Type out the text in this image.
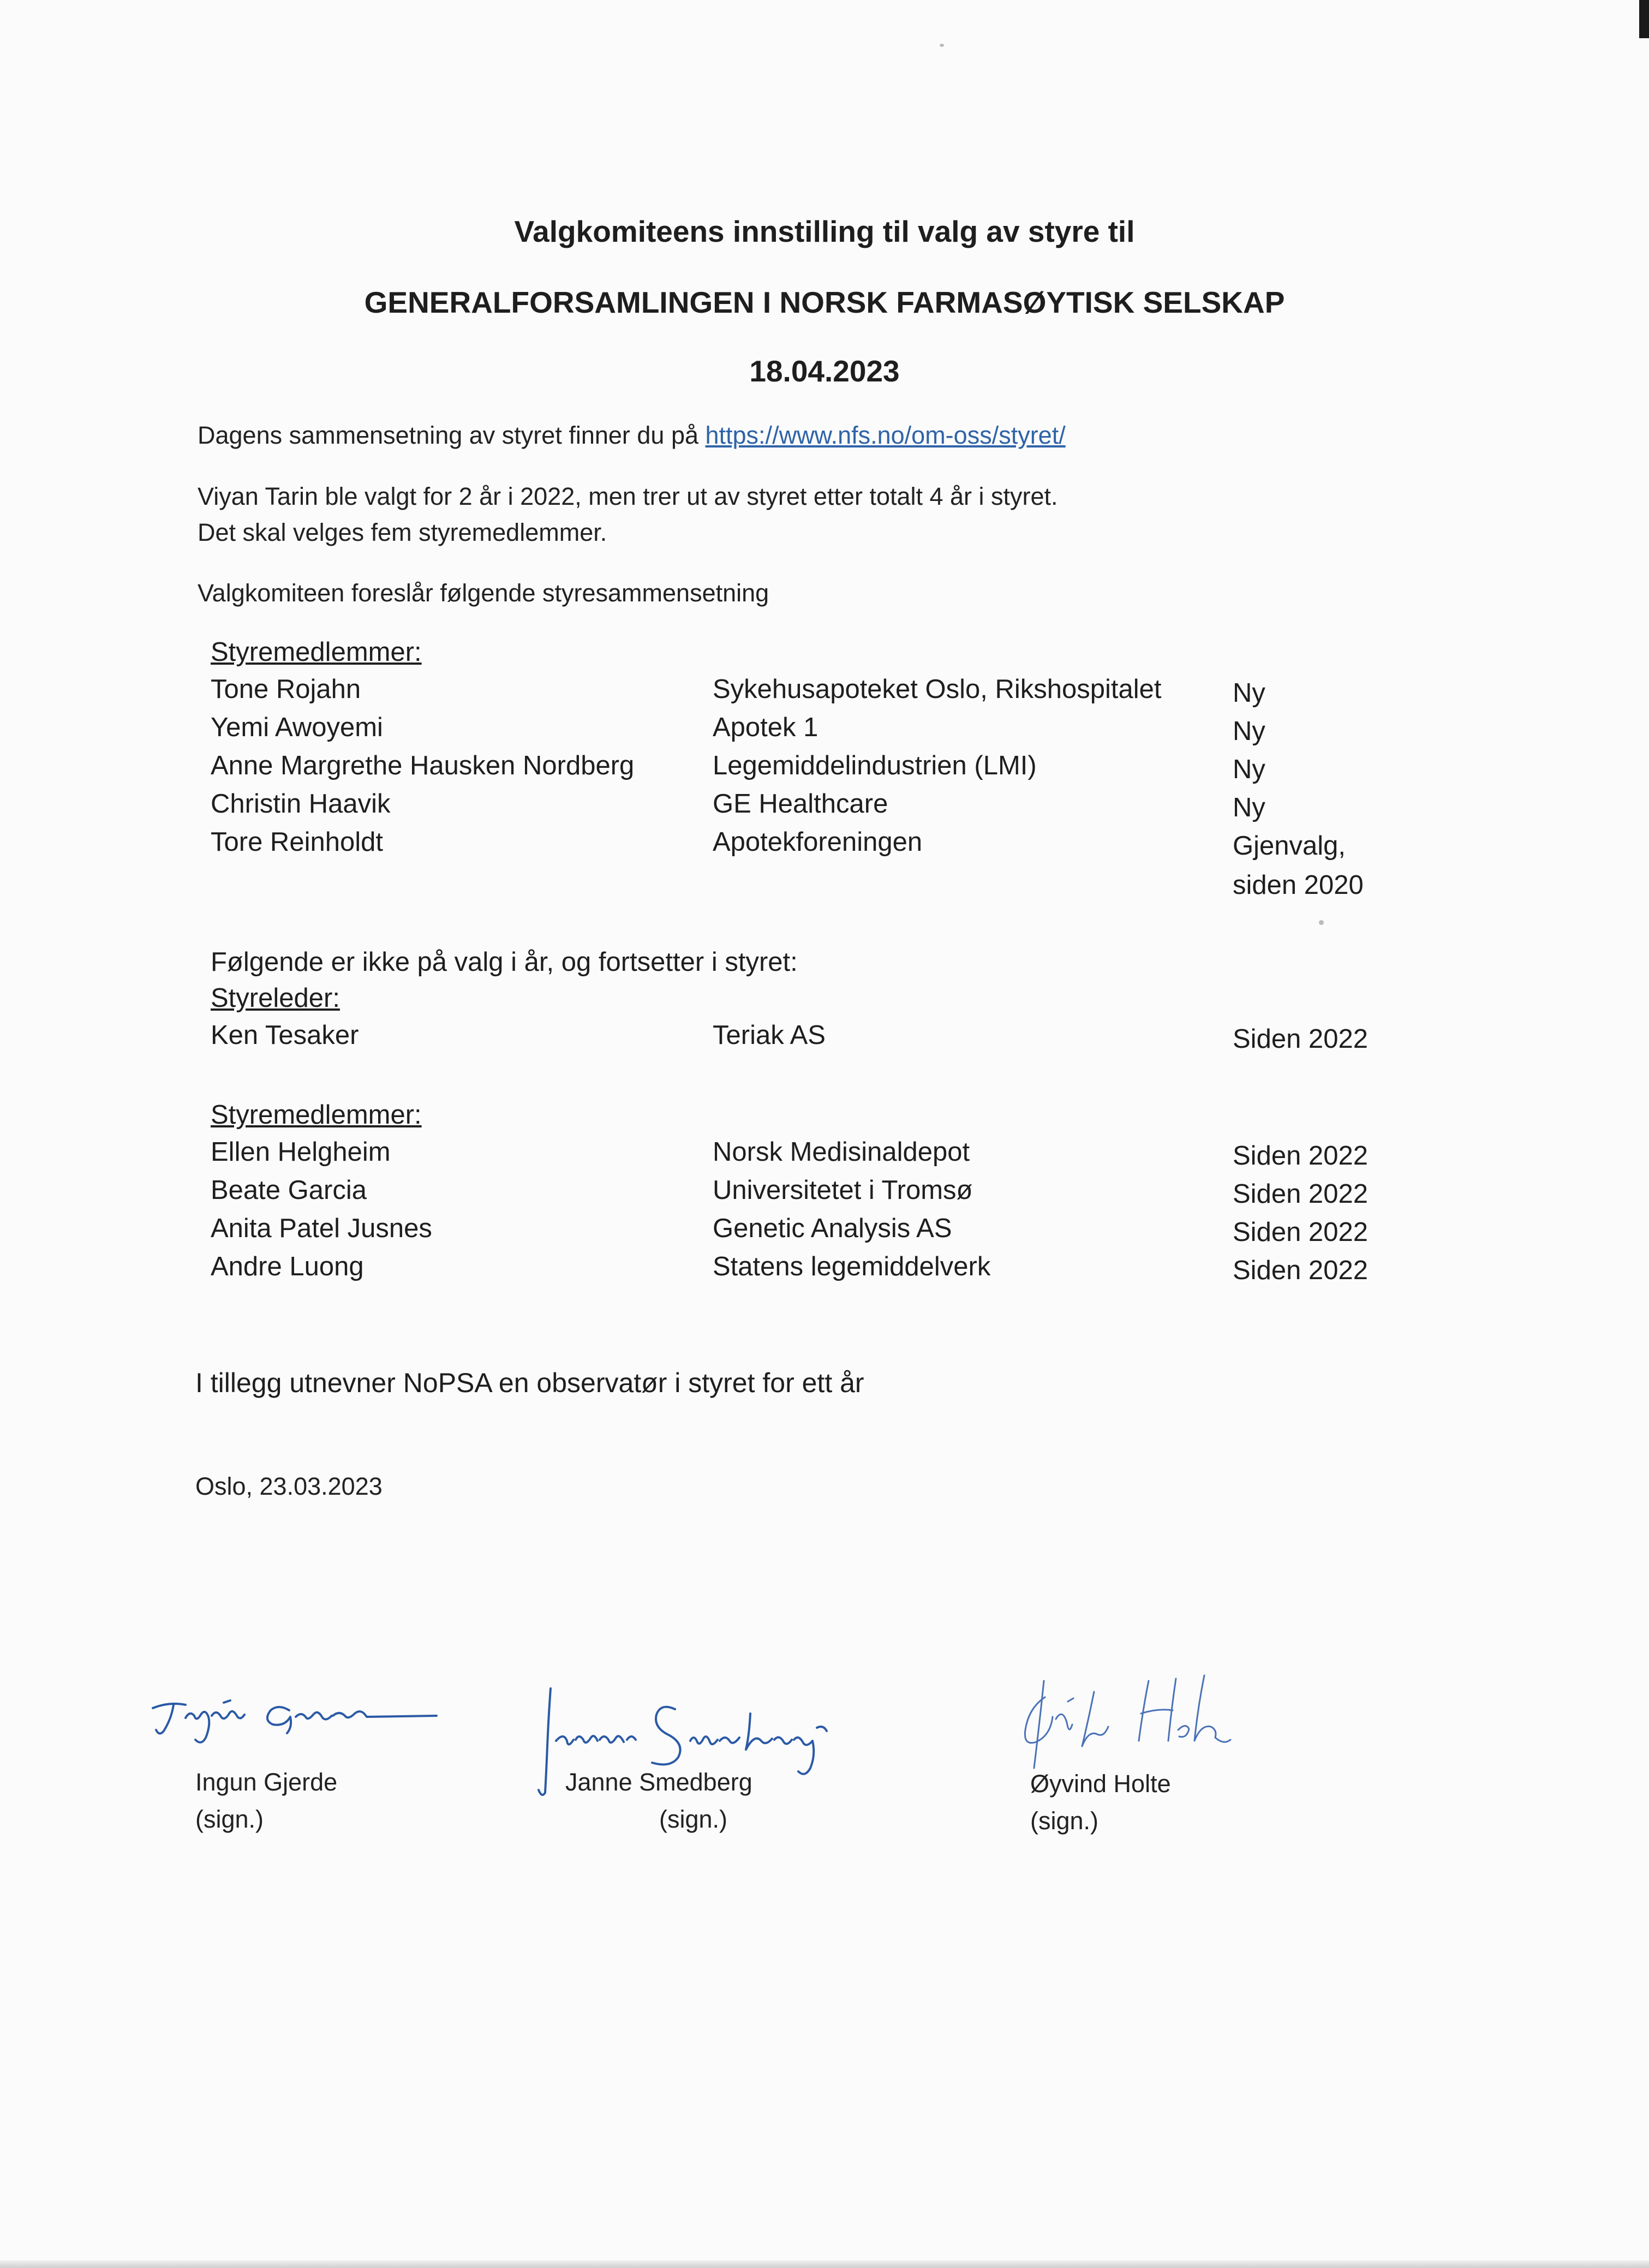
Valgkomiteens innstilling til valg av styre til
GENERALFORSAMLINGEN I NORSK FARMASØYTISK SELSKAP
18.04.2023
Dagens sammensetning av styret finner du på https://www.nfs.no/om-oss/styret/
Viyan Tarin ble valgt for 2 år i 2022, men trer ut av styret etter totalt 4 år i styret.
Det skal velges fem styremedlemmer.
Valgkomiteen foreslår følgende styresammensetning
Styremedlemmer:
Tone Rojahn	Sykehusapoteket Oslo, Rikshospitalet	Ny
Yemi Awoyemi	Apotek 1	Ny
Anne Margrethe Hausken Nordberg	Legemiddelindustrien (LMI)	Ny
Christin Haavik	GE Healthcare	Ny
Tore Reinholdt	Apotekforeningen	Gjenvalg,
siden 2020
Følgende er ikke på valg i år, og fortsetter i styret:
Styreleder:
Ken Tesaker	Teriak AS	Siden 2022
Styremedlemmer:
Ellen Helgheim	Norsk Medisinaldepot	Siden 2022
Beate Garcia	Universitetet i Tromsø	Siden 2022
Anita Patel Jusnes	Genetic Analysis AS	Siden 2022
Andre Luong	Statens legemiddelverk	Siden 2022
I tillegg utnevner NoPSA en observatør i styret for ett år
Oslo, 23.03.2023
Ingun Gjerde
(sign.)
Janne Smedberg
(sign.)
Øyvind Holte
(sign.)
